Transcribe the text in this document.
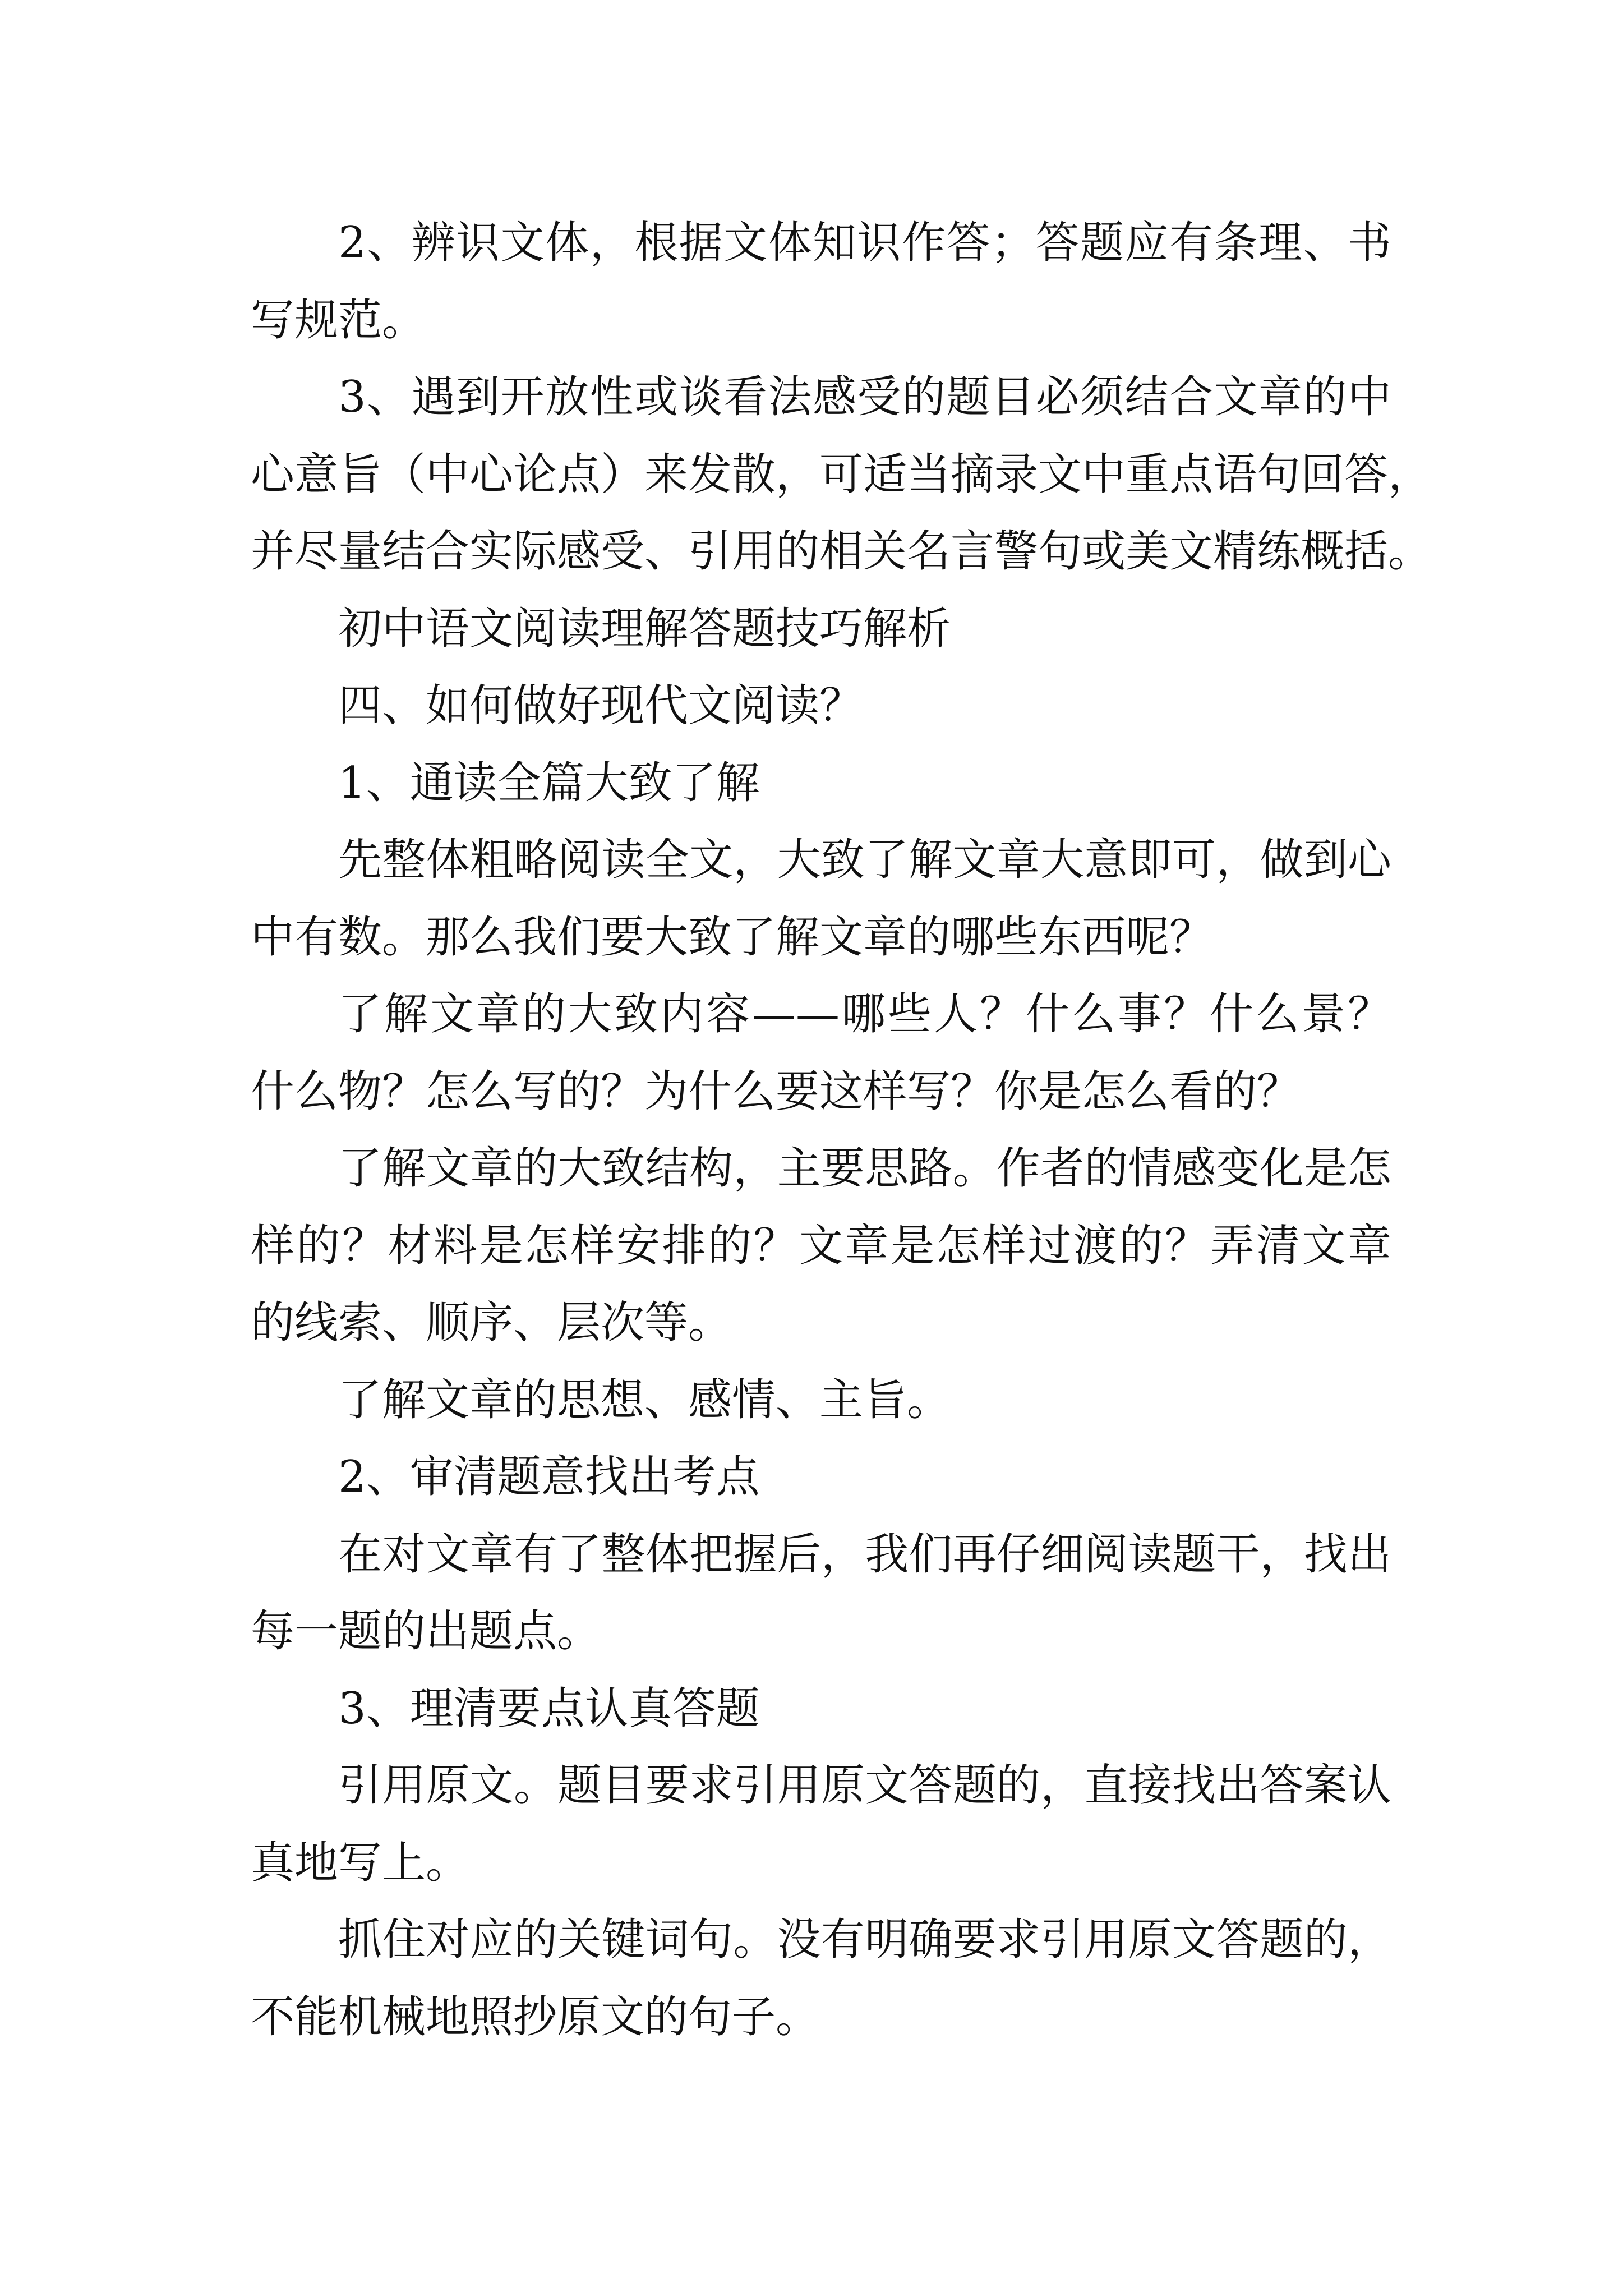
2、辨识文体，根据文体知识作答；答题应有条理、书
写规范。
3、遇到开放性或谈看法感受的题目必须结合文章的中
心意旨（中心论点）来发散，可适当摘录文中重点语句回答，
并尽量结合实际感受、引用的相关名言警句或美文精练概括。
初中语文阅读理解答题技巧解析
四、如何做好现代文阅读？
1、通读全篇大致了解
先整体粗略阅读全文，大致了解文章大意即可，做到心
中有数。那么我们要大致了解文章的哪些东西呢？
了解文章的大致内容——哪些人？什么事？什么景？
什么物？怎么写的？为什么要这样写？你是怎么看的？
了解文章的大致结构，主要思路。作者的情感变化是怎
样的？材料是怎样安排的？文章是怎样过渡的？弄清文章
的线索、顺序、层次等。
了解文章的思想、感情、主旨。
2、审清题意找出考点
在对文章有了整体把握后，我们再仔细阅读题干，找出
每一题的出题点。
3、理清要点认真答题
引用原文。题目要求引用原文答题的，直接找出答案认
真地写上。
抓住对应的关键词句。没有明确要求引用原文答题的，
不能机械地照抄原文的句子。
